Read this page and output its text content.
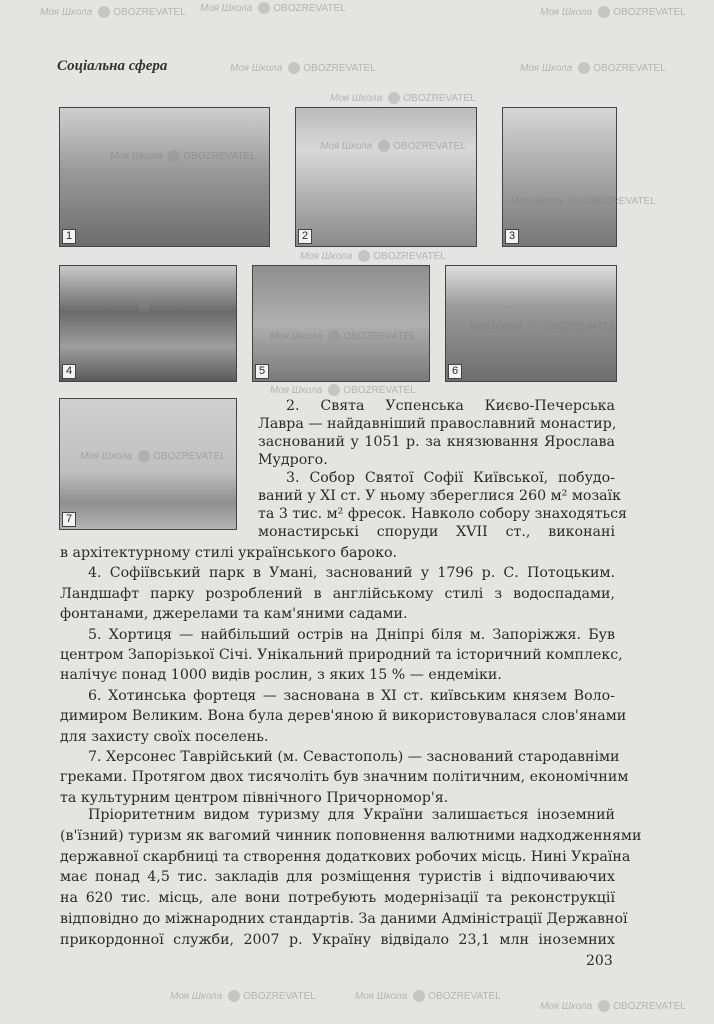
Соціальна сфера
1	2	3
4	5	6
7
2. Свята Успенська Києво-Печерська
Лавра — найдавніший православний монастир,
заснований у 1051 р. за князювання Ярослава
Мудрого.
3. Собор Святої Софії Київської, побудо-
ваний у XI ст. У ньому збереглися 260 м² мозаїк
та 3 тис. м² фресок. Навколо собору знаходяться
монастирські споруди XVII ст., виконані
в архітектурному стилі українського бароко.
4. Софіївський парк в Умані, заснований у 1796 р. С. Потоцьким.
Ландшафт парку розроблений в англійському стилі з водоспадами,
фонтанами, джерелами та кам'яними садами.
5. Хортиця — найбільший острів на Дніпрі біля м. Запоріжжя. Був
центром Запорізької Січі. Унікальний природний та історичний комплекс,
налічує понад 1000 видів рослин, з яких 15 % — ендеміки.
6. Хотинська фортеця — заснована в XI ст. київським князем Воло-
димиром Великим. Вона була дерев'яною й використовувалася слов'янами
для захисту своїх поселень.
7. Херсонес Таврійський (м. Севастополь) — заснований стародавніми
греками. Протягом двох тисячоліть був значним політичним, економічним
та культурним центром північного Причорномор'я.
Пріоритетним видом туризму для України залишається іноземний
(в'їзний) туризм як вагомий чинник поповнення валютними надходженнями
державної скарбниці та створення додаткових робочих місць. Нині Україна
має понад 4,5 тис. закладів для розміщення туристів і відпочиваючих
на 620 тис. місць, але вони потребують модернізації та реконструкції
відповідно до міжнародних стандартів. За даними Адміністрації Державної
прикордонної служби, 2007 р. Україну відвідало 23,1 млн іноземних
203
Моя Школа OBOZREVATEL Моя Школа OBOZREVATEL	Моя Школа OBOZREVATEL
Моя Школа OBOZREVATEL	Моя Школа OBOZREVATEL
Моя Школа OBOZREVATEL
Моя Школа OBOZREVATEL
Моя Школа OBOZREVATEL
Моя Школа OBOZREVATEL
Моя Школа OBOZREVATEL
Моя Школа OBOZREVATEL
Моя Школа OBOZREVATEL
Моя Школа OBOZREVATEL
Моя Школа OBOZREVATEL
Моя Школа OBOZREVATEL
Моя Школа OBOZREVATEL	Моя Школа OBOZREVATEL
Моя Школа OBOZREVATEL
